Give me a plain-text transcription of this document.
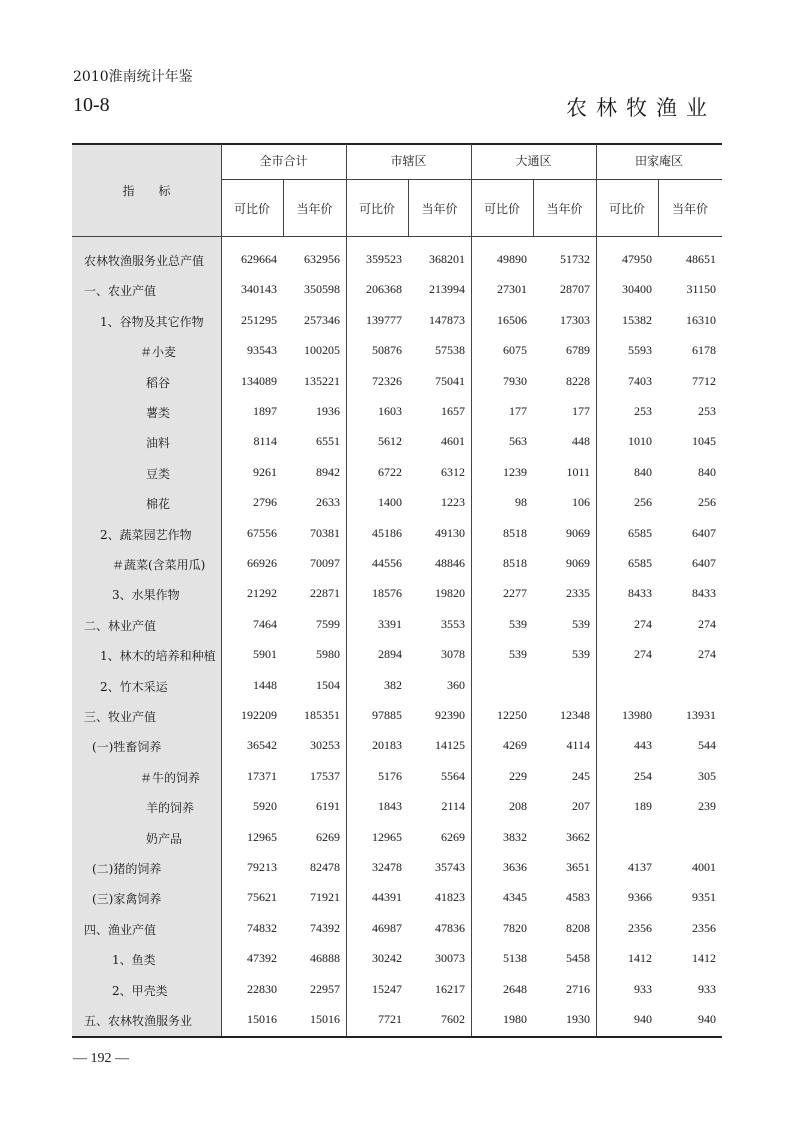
2010淮南统计年鉴
10-8	农林牧渔业
指　　标
全市合计	市辖区	大通区	田家庵区
可比价	当年价	可比价	当年价	可比价	当年价	可比价	当年价
农林牧渔服务业总产值	629664	632956	359523	368201	49890	51732	47950	48651
一、农业产值	340143	350598	206368	213994	27301	28707	30400	31150
1、谷物及其它作物	251295	257346	139777	147873	16506	17303	15382	16310
＃小麦	93543	100205	50876	57538	6075	6789	5593	6178
稻谷	134089	135221	72326	75041	7930	8228	7403	7712
薯类	1897	1936	1603	1657	177	177	253	253
油料	8114	6551	5612	4601	563	448	1010	1045
豆类	9261	8942	6722	6312	1239	1011	840	840
棉花	2796	2633	1400	1223	98	106	256	256
2、蔬菜园艺作物	67556	70381	45186	49130	8518	9069	6585	6407
＃蔬菜(含菜用瓜)	66926	70097	44556	48846	8518	9069	6585	6407
3、水果作物	21292	22871	18576	19820	2277	2335	8433	8433
二、林业产值	7464	7599	3391	3553	539	539	274	274
1、林木的培养和种植	5901	5980	2894	3078	539	539	274	274
2、竹木采运	1448	1504	382	360
三、牧业产值	192209	185351	97885	92390	12250	12348	13980	13931
(一)牲畜饲养	36542	30253	20183	14125	4269	4114	443	544
＃牛的饲养	17371	17537	5176	5564	229	245	254	305
羊的饲养	5920	6191	1843	2114	208	207	189	239
奶产品	12965	6269	12965	6269	3832	3662
(二)猪的饲养	79213	82478	32478	35743	3636	3651	4137	4001
(三)家禽饲养	75621	71921	44391	41823	4345	4583	9366	9351
四、渔业产值	74832	74392	46987	47836	7820	8208	2356	2356
1、鱼类	47392	46888	30242	30073	5138	5458	1412	1412
2、甲壳类	22830	22957	15247	16217	2648	2716	933	933
五、农林牧渔服务业	15016	15016	7721	7602	1980	1930	940	940
— 192 —
